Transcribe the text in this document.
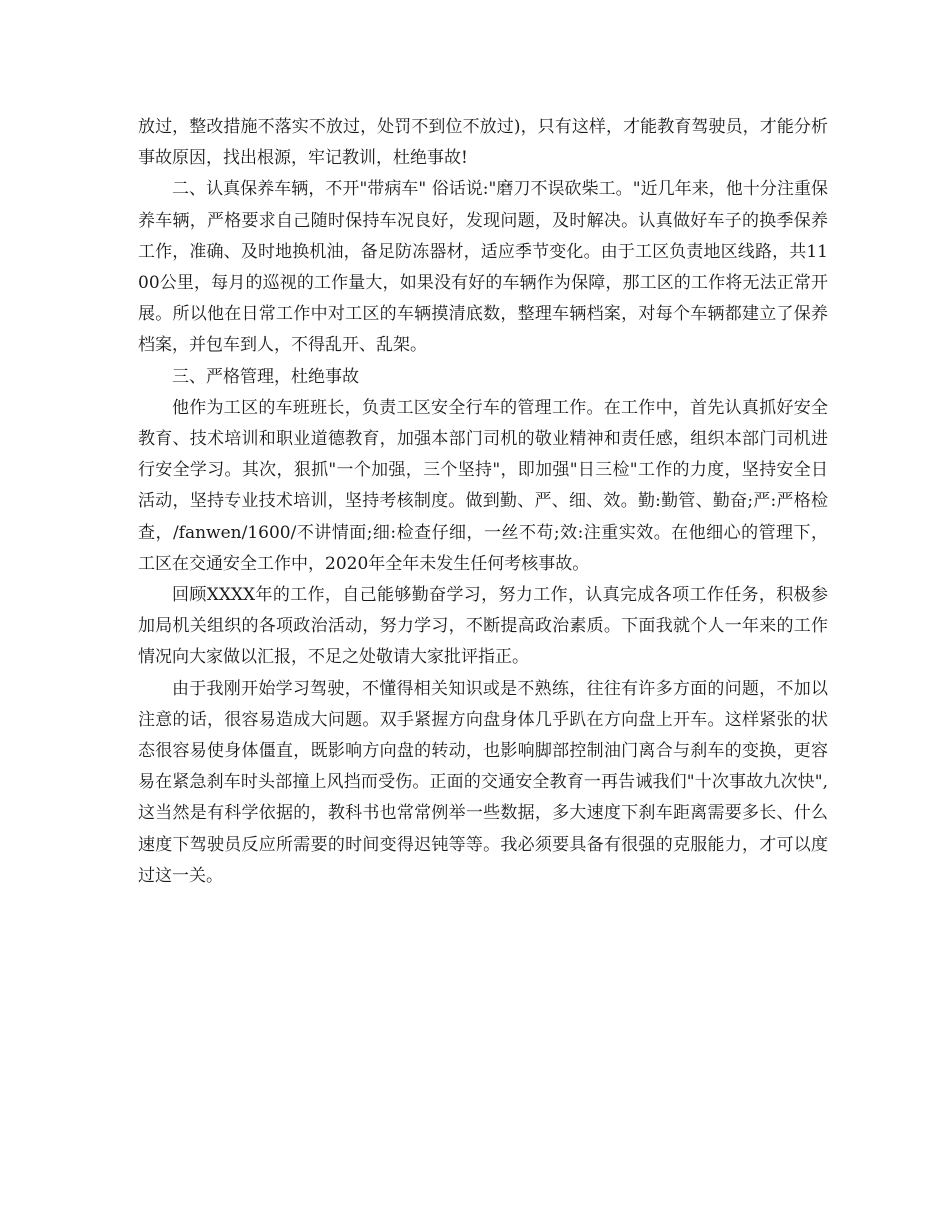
放过，整改措施不落实不放过，处罚不到位不放过)，只有这样，才能教育驾驶员，才能分析事故原因，找出根源，牢记教训，杜绝事故!

二、认真保养车辆，不开"带病车" 俗话说:"磨刀不误砍柴工。"近几年来，他十分注重保养车辆，严格要求自己随时保持车况良好，发现问题，及时解决。认真做好车子的换季保养工作，准确、及时地换机油，备足防冻器材，适应季节变化。由于工区负责地区线路，共1100公里，每月的巡视的工作量大，如果没有好的车辆作为保障，那工区的工作将无法正常开展。所以他在日常工作中对工区的车辆摸清底数，整理车辆档案，对每个车辆都建立了保养档案，并包车到人，不得乱开、乱架。

三、严格管理，杜绝事故

他作为工区的车班班长，负责工区安全行车的管理工作。在工作中，首先认真抓好安全教育、技术培训和职业道德教育，加强本部门司机的敬业精神和责任感，组织本部门司机进行安全学习。其次，狠抓"一个加强，三个坚持"，即加强"日三检"工作的力度，坚持安全日活动，坚持专业技术培训，坚持考核制度。做到勤、严、细、效。勤:勤管、勤奋;严:严格检查，/fanwen/1600/不讲情面;细:检查仔细，一丝不苟;效:注重实效。在他细心的管理下，工区在交通安全工作中，2020年全年未发生任何考核事故。

回顾XXXX年的工作，自己能够勤奋学习，努力工作，认真完成各项工作任务，积极参加局机关组织的各项政治活动，努力学习，不断提高政治素质。下面我就个人一年来的工作情况向大家做以汇报，不足之处敬请大家批评指正。

由于我刚开始学习驾驶，不懂得相关知识或是不熟练，往往有许多方面的问题，不加以注意的话，很容易造成大问题。双手紧握方向盘身体几乎趴在方向盘上开车。这样紧张的状态很容易使身体僵直，既影响方向盘的转动，也影响脚部控制油门离合与刹车的变换，更容易在紧急刹车时头部撞上风挡而受伤。正面的交通安全教育一再告诫我们"十次事故九次快",这当然是有科学依据的，教科书也常常例举一些数据，多大速度下刹车距离需要多长、什么速度下驾驶员反应所需要的时间变得迟钝等等。我必须要具备有很强的克服能力，才可以度过这一关。
